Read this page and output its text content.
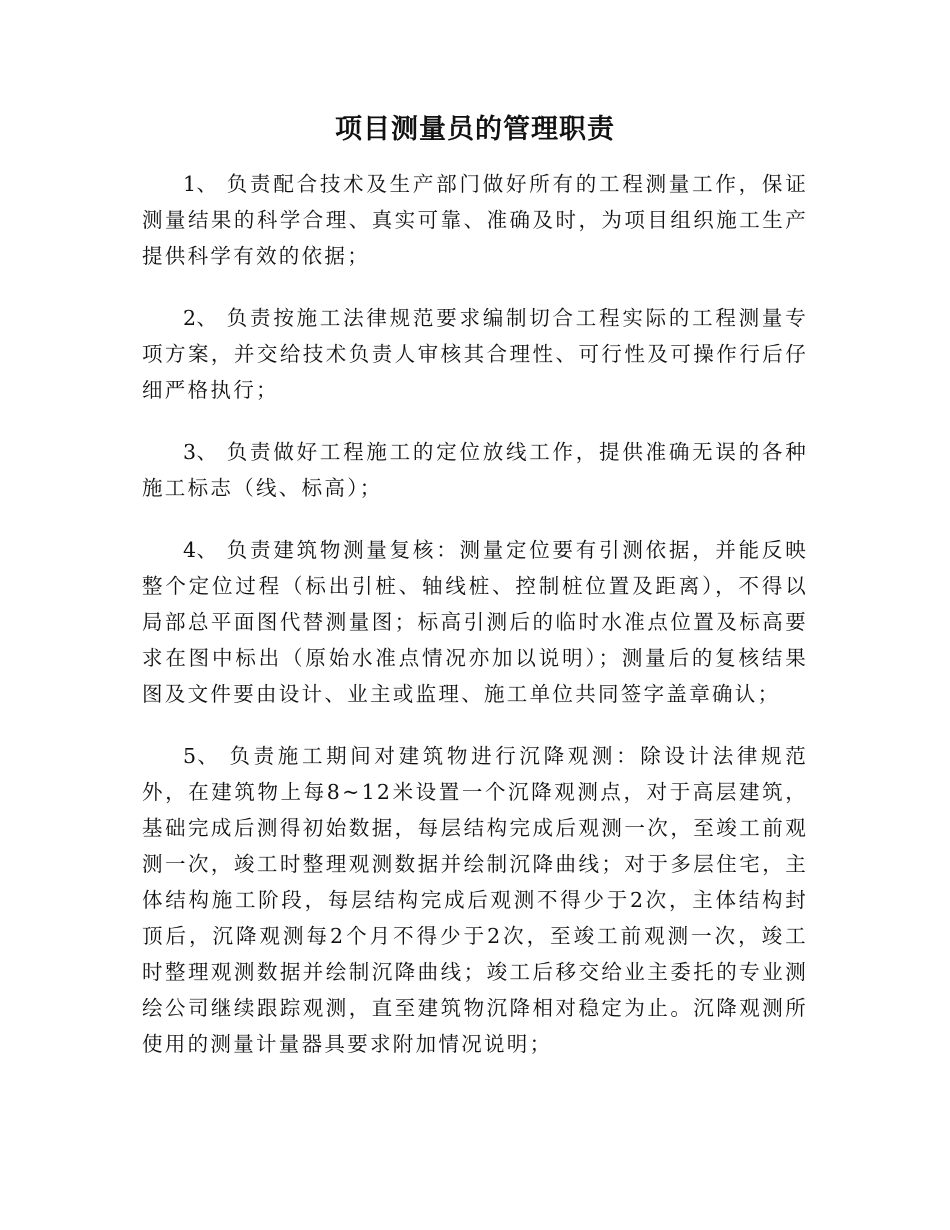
项目测量员的管理职责

1、 负责配合技术及生产部门做好所有的工程测量工作，保证测量结果的科学合理、真实可靠、准确及时，为项目组织施工生产提供科学有效的依据；

2、 负责按施工法律规范要求编制切合工程实际的工程测量专项方案，并交给技术负责人审核其合理性、可行性及可操作行后仔细严格执行；

3、 负责做好工程施工的定位放线工作，提供准确无误的各种施工标志（线、标高）；

4、 负责建筑物测量复核：测量定位要有引测依据，并能反映整个定位过程（标出引桩、轴线桩、控制桩位置及距离），不得以局部总平面图代替测量图；标高引测后的临时水准点位置及标高要求在图中标出（原始水准点情况亦加以说明）；测量后的复核结果图及文件要由设计、业主或监理、施工单位共同签字盖章确认；

5、 负责施工期间对建筑物进行沉降观测：除设计法律规范外，在建筑物上每8~12米设置一个沉降观测点，对于高层建筑，基础完成后测得初始数据，每层结构完成后观测一次，至竣工前观测一次，竣工时整理观测数据并绘制沉降曲线；对于多层住宅，主体结构施工阶段，每层结构完成后观测不得少于2次，主体结构封顶后，沉降观测每2个月不得少于2次，至竣工前观测一次，竣工时整理观测数据并绘制沉降曲线；竣工后移交给业主委托的专业测绘公司继续跟踪观测，直至建筑物沉降相对稳定为止。沉降观测所使用的测量计量器具要求附加情况说明；
